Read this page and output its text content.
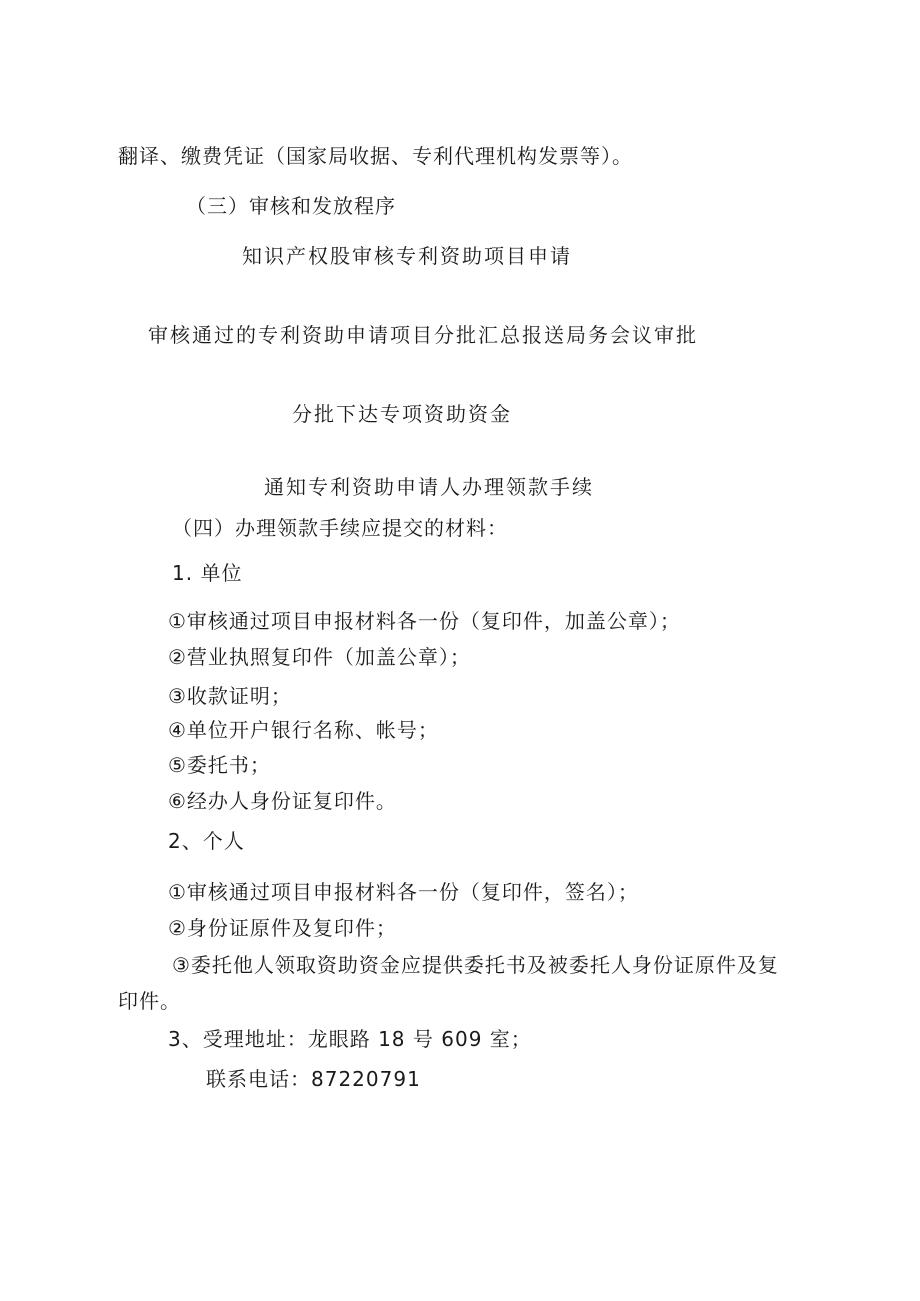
翻译、缴费凭证（国家局收据、专利代理机构发票等）。
（三）审核和发放程序
知识产权股审核专利资助项目申请
审核通过的专利资助申请项目分批汇总报送局务会议审批
分批下达专项资助资金
通知专利资助申请人办理领款手续
（四）办理领款手续应提交的材料：
1. 单位
①审核通过项目申报材料各一份（复印件，加盖公章）；
②营业执照复印件（加盖公章）；
③收款证明；
④单位开户银行名称、帐号；
⑤委托书；
⑥经办人身份证复印件。
2、个人
①审核通过项目申报材料各一份（复印件，签名）；
②身份证原件及复印件；
③委托他人领取资助资金应提供委托书及被委托人身份证原件及复
印件。
3、受理地址：龙眼路 18 号 609 室；
联系电话：87220791
